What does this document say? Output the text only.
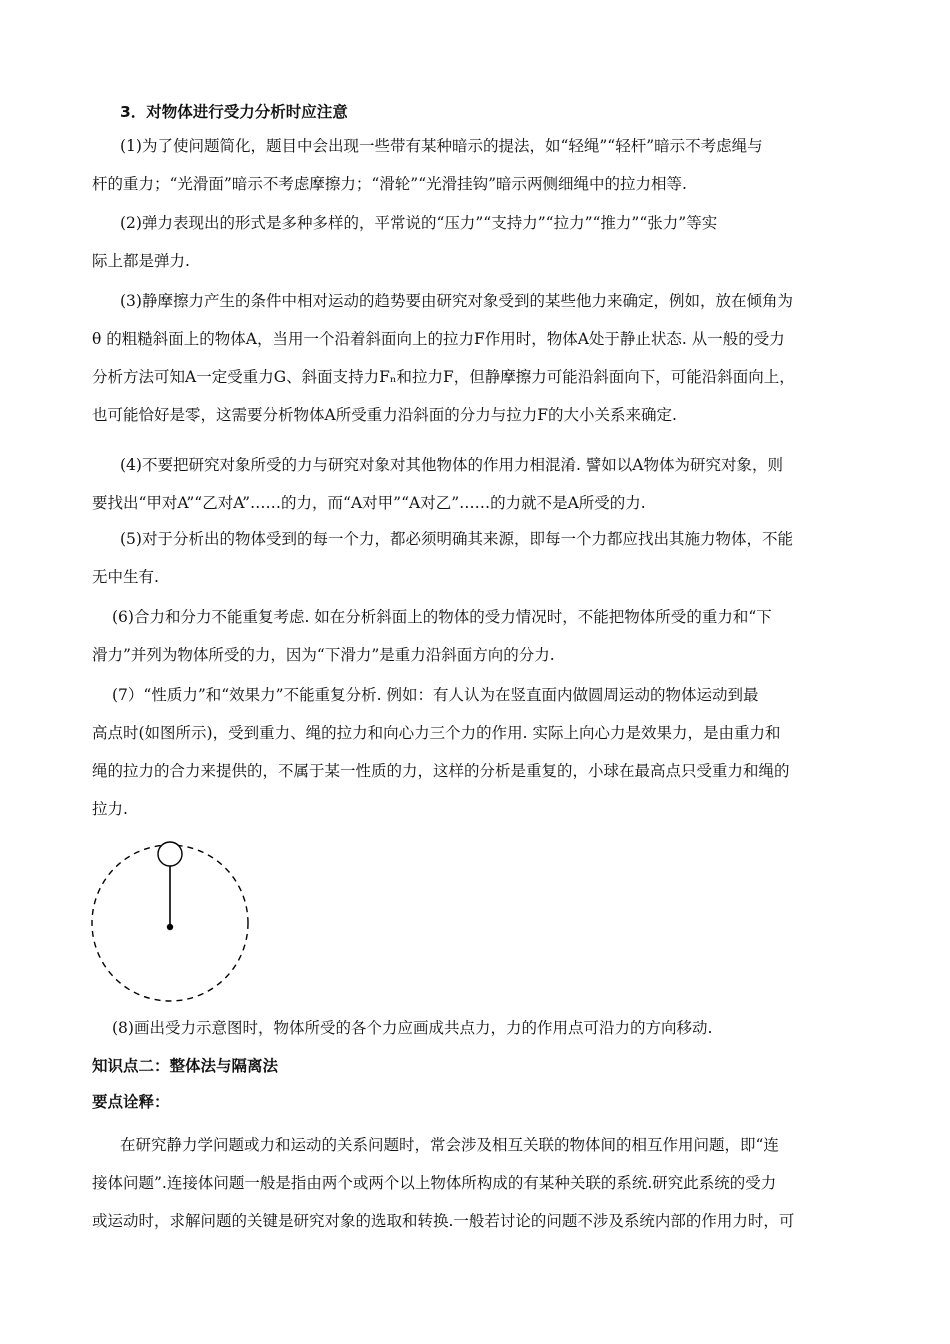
3．对物体进行受力分析时应注意
(1)为了使问题简化，题目中会出现一些带有某种暗示的提法，如“轻绳”“轻杆”暗示不考虑绳与
杆的重力；“光滑面”暗示不考虑摩擦力；“滑轮”“光滑挂钩”暗示两侧细绳中的拉力相等.
(2)弹力表现出的形式是多种多样的，平常说的“压力”“支持力”“拉力”“推力”“张力”等实
际上都是弹力.
(3)静摩擦力产生的条件中相对运动的趋势要由研究对象受到的某些他力来确定，例如，放在倾角为
θ 的粗糙斜面上的物体A，当用一个沿着斜面向上的拉力F作用时，物体A处于静止状态. 从一般的受力
分析方法可知A一定受重力G、斜面支持力Fₙ和拉力F，但静摩擦力可能沿斜面向下，可能沿斜面向上，
也可能恰好是零，这需要分析物体A所受重力沿斜面的分力与拉力F的大小关系来确定.
(4)不要把研究对象所受的力与研究对象对其他物体的作用力相混淆. 譬如以A物体为研究对象，则
要找出“甲对A”“乙对A”……的力，而“A对甲”“A对乙”……的力就不是A所受的力.
(5)对于分析出的物体受到的每一个力，都必须明确其来源，即每一个力都应找出其施力物体，不能
无中生有.
(6)合力和分力不能重复考虑. 如在分析斜面上的物体的受力情况时，不能把物体所受的重力和“下
滑力”并列为物体所受的力，因为“下滑力”是重力沿斜面方向的分力.
(7）“性质力”和“效果力”不能重复分析. 例如：有人认为在竖直面内做圆周运动的物体运动到最
高点时(如图所示)，受到重力、绳的拉力和向心力三个力的作用. 实际上向心力是效果力，是由重力和
绳的拉力的合力来提供的，不属于某一性质的力，这样的分析是重复的，小球在最高点只受重力和绳的
拉力.
(8)画出受力示意图时，物体所受的各个力应画成共点力，力的作用点可沿力的方向移动.
知识点二：整体法与隔离法
要点诠释：
在研究静力学问题或力和运动的关系问题时，常会涉及相互关联的物体间的相互作用问题，即“连
接体问题”.连接体问题一般是指由两个或两个以上物体所构成的有某种关联的系统.研究此系统的受力
或运动时，求解问题的关键是研究对象的选取和转换.一般若讨论的问题不涉及系统内部的作用力时，可
